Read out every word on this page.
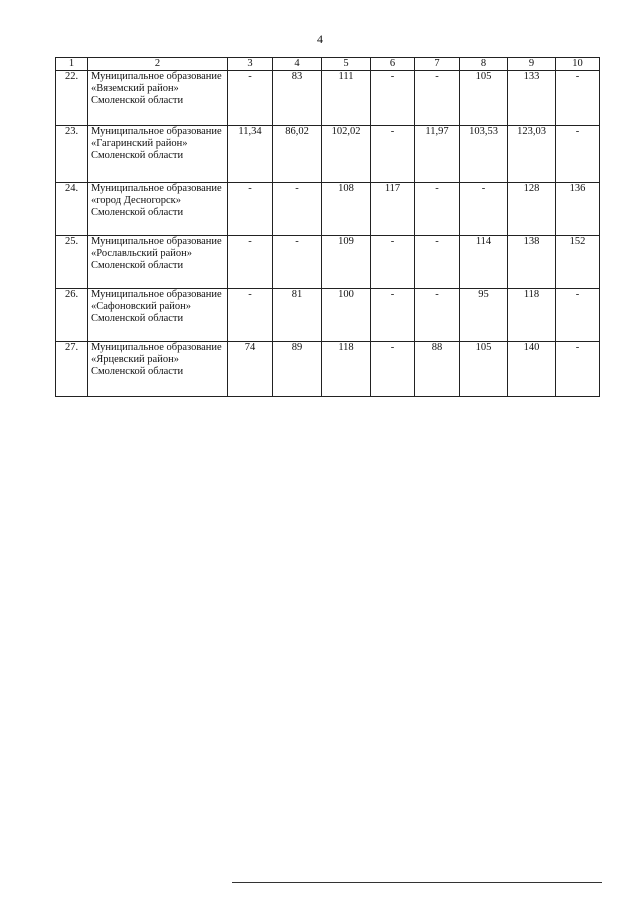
4
1	2	3	4	5	6	7	8	9	10
22.	Муниципальное образование «Вяземский район» Смоленской области	-	83	111	-	-	105	133	-
23.	Муниципальное образование «Гагаринский район» Смоленской области	11,34	86,02	102,02	-	11,97	103,53	123,03	-
24.	Муниципальное образование «город Десногорск» Смоленской области	-	-	108	117	-	-	128	136
25.	Муниципальное образование «Рославльский район» Смоленской области	-	-	109	-	-	114	138	152
26.	Муниципальное образование «Сафоновский район» Смоленской области	-	81	100	-	-	95	118	-
27.	Муниципальное образование «Ярцевский район» Смоленской области	74	89	118	-	88	105	140	-
